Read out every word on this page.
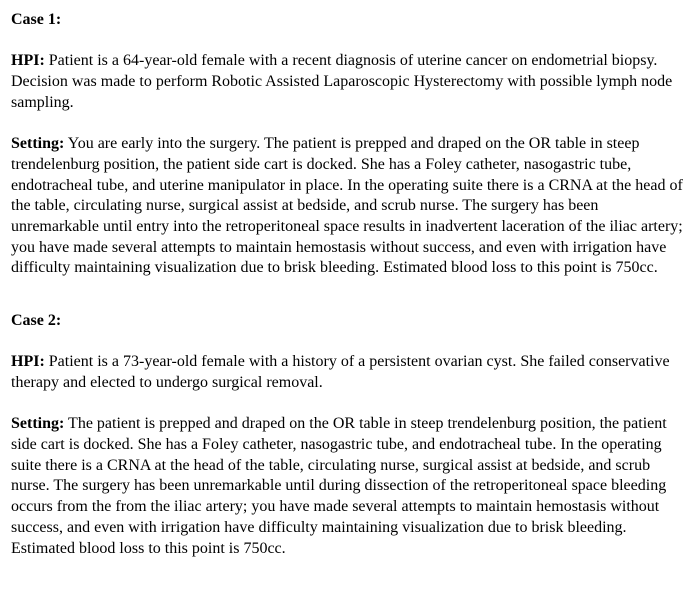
Case 1:

HPI: Patient is a 64-year-old female with a recent diagnosis of uterine cancer on endometrial biopsy. Decision was made to perform Robotic Assisted Laparoscopic Hysterectomy with possible lymph node sampling.

Setting: You are early into the surgery. The patient is prepped and draped on the OR table in steep trendelenburg position, the patient side cart is docked. She has a Foley catheter, nasogastric tube, endotracheal tube, and uterine manipulator in place. In the operating suite there is a CRNA at the head of the table, circulating nurse, surgical assist at bedside, and scrub nurse. The surgery has been unremarkable until entry into the retroperitoneal space results in inadvertent laceration of the iliac artery; you have made several attempts to maintain hemostasis without success, and even with irrigation have difficulty maintaining visualization due to brisk bleeding. Estimated blood loss to this point is 750cc.

Case 2:

HPI: Patient is a 73-year-old female with a history of a persistent ovarian cyst. She failed conservative therapy and elected to undergo surgical removal.

Setting: The patient is prepped and draped on the OR table in steep trendelenburg position, the patient side cart is docked. She has a Foley catheter, nasogastric tube, and endotracheal tube. In the operating suite there is a CRNA at the head of the table, circulating nurse, surgical assist at bedside, and scrub nurse. The surgery has been unremarkable until during dissection of the retroperitoneal space bleeding occurs from the from the iliac artery; you have made several attempts to maintain hemostasis without success, and even with irrigation have difficulty maintaining visualization due to brisk bleeding. Estimated blood loss to this point is 750cc.
